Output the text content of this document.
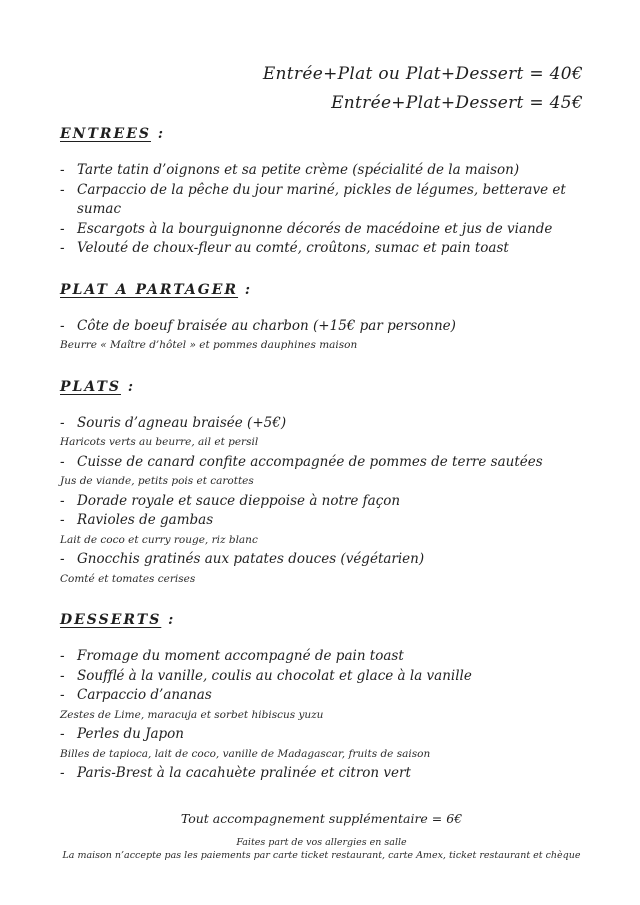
Entrée+Plat ou Plat+Dessert = 40€
Entrée+Plat+Dessert = 45€
ENTREES :
- Tarte tatin d’oignons et sa petite crème (spécialité de la maison)
- Carpaccio de la pêche du jour mariné, pickles de légumes, betterave et sumac
- Escargots à la bourguignonne décorés de macédoine et jus de viande
- Velouté de choux-fleur au comté, croûtons, sumac et pain toast
PLAT A PARTAGER :
- Côte de boeuf braisée au charbon (+15€ par personne)
Beurre « Maître d’hôtel » et pommes dauphines maison
PLATS :
- Souris d’agneau braisée (+5€)
Haricots verts au beurre, ail et persil
- Cuisse de canard confite accompagnée de pommes de terre sautées
Jus de viande, petits pois et carottes
- Dorade royale et sauce dieppoise à notre façon
- Ravioles de gambas
Lait de coco et curry rouge, riz blanc
- Gnocchis gratinés aux patates douces (végétarien)
Comté et tomates cerises
DESSERTS :
- Fromage du moment accompagné de pain toast
- Soufflé à la vanille, coulis au chocolat et glace à la vanille
- Carpaccio d’ananas
Zestes de Lime, maracuja et sorbet hibiscus yuzu
- Perles du Japon
Billes de tapioca, lait de coco, vanille de Madagascar, fruits de saison
- Paris-Brest à la cacahuète pralinée et citron vert
Tout accompagnement supplémentaire = 6€
Faites part de vos allergies en salle
La maison n’accepte pas les paiements par carte ticket restaurant, carte Amex, ticket restaurant et chèque
